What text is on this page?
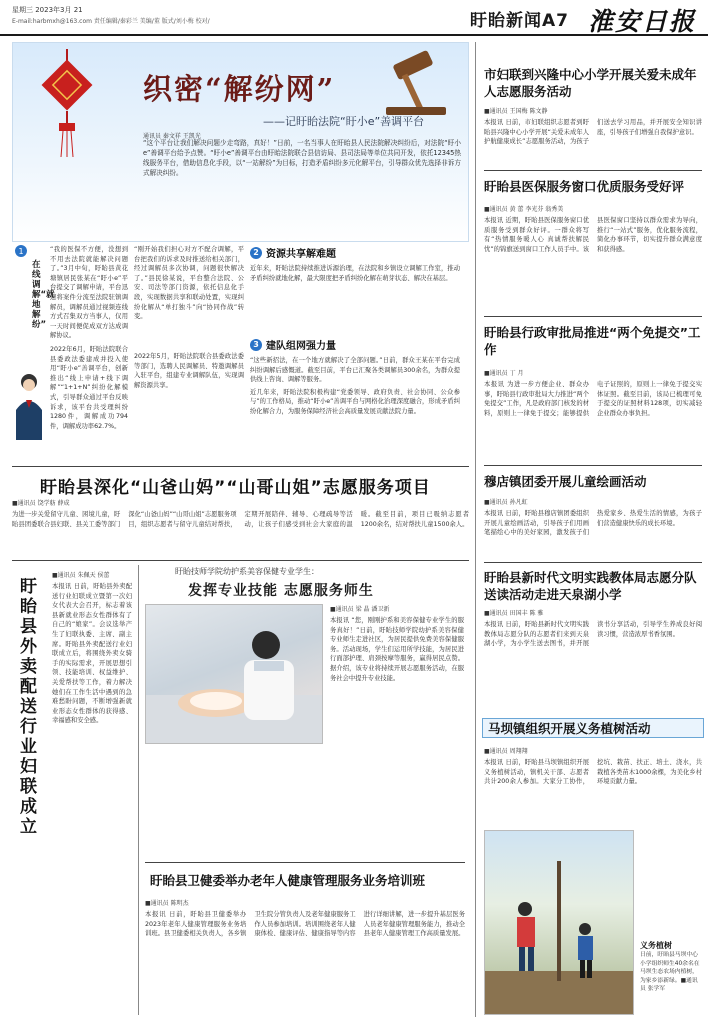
星期三 2023年3月 21
E-mail:harbmxh@163.com 责任编辑/秦彩兰 美编/董 版式/刘小梅 校对/	盱眙新闻A7 淮安日报
织密“解纷网”
——记盱眙法院“盱小e”善调平台
通讯员 秦文祥 王凯光
“这个平台让我们解决问题少走弯路，真好！”日前，一名当事人在盱眙县人民法院解决纠纷后，对法院“盱小e”善调平台给予点赞。“盱小e”善调平台由盱眙法院联合县信访局、县司法局等单位共同开发，依托12345热线服务平台，借助信息化手段，以“一站解纷”为目标，打造矛盾纠纷多元化解平台，引导群众优先选择非诉方式解决纠纷。
1
在线调解“就地解纷”

“我的医保不方便，没想到不用去法院就能解决问题了。”3月中旬，盱眙县黄花塘镇居民张某在“盱小e”平台提交了调解申请，平台迅速将案件分流至法院驻镇调解员，调解员通过视频连线方式召集双方当事人，仅用一天时间便促成双方达成调解协议。

2022年6月，盱眙法院联合县委政法委建成并投入使用“盱小e”善调平台，创新推出“线上申请+线下调解”“1+1+N”纠纷化解模式，引导群众通过平台反映诉求，该平台共受理纠纷1280件，调解成功794件，调解成功率62.7%。

“刚开始我们担心对方不配合调解，平台把我们的诉求及时推送给相关部门，经过调解员多次协调，问题很快解决了。”县民徐某说，平台整合法院、公安、司法等部门资源，依托信息化手段，实现数据共享和联动处置，实现纠纷化解从“单打独斗”向“协同作战”转变。

2 资源共享解难题
近年来，盱眙法院持续推进诉源治理，在法院和乡镇设立调解工作室，推动矛盾纠纷就地化解，最大限度把矛盾纠纷化解在萌芽状态、解决在基层。
2022年5月，盱眙法院联合县委政法委等部门，选聘人民调解员、特邀调解员入驻平台，组建专业调解队伍，实现调解资源共享。
3 建队组网强力量
“这些新招法，在一个地方就解决了全部问题。”日前，群众王某在平台完成纠纷调解后感慨道。截至目前，平台已汇聚各类调解员300余名，为群众提供线上咨询、调解等服务。
近几年来，盱眙法院积极构建“党委领导、政府负责、社会协同、公众参与”的工作格局，推动“盱小e”善调平台与网格化治理深度融合，形成矛盾纠纷化解合力，为服务保障经济社会高质量发展贡献法院力量。
盱眙县深化“山爸山妈”“山哥山姐”志愿服务项目
■通讯员 饶学舫 薛成
为进一步关爱留守儿童、困境儿童，盱眙县团委联合县妇联、县关工委等部门深化“山爸山妈”“山哥山姐”志愿服务项目，组织志愿者与留守儿童结对帮扶，定期开展陪伴、辅导、心理疏导等活动，让孩子们感受到社会大家庭的温暖。截至目前，项目已吸纳志愿者1200余名，结对帮扶儿童1500余人。
盱眙县外卖配送行业妇联成立
■通讯员 朱佩天 侯蕾
本报讯 日前，盱眙县外卖配送行业妇联成立暨第一次妇女代表大会召开，标志着该县新就业形态女性群体有了自己的“娘家”。会议选举产生了妇联执委、主席、副主席。盱眙县外卖配送行业妇联成立后，将围绕外卖女骑手的实际需求，开展思想引领、技能培训、权益维护、关爱帮扶等工作，着力解决她们在工作生活中遇到的急难愁盼问题，不断增强新就业形态女性群体的获得感、幸福感和安全感。
盱眙技师学院幼护系美容保健专业学生：
发挥专业技能 志愿服务师生
■通讯员 梁 晶 潘卫新
本报讯 “您，刚刚护系和美容保健专业学生的服务真好！”日前，盱眙技师学院幼护系美容保健专业师生走进社区，为居民提供免费美容保健服务。活动现场，学生们运用所学技能，为居民进行面部护理、肩颈按摩等服务，赢得居民点赞。据介绍，该专业将持续开展志愿服务活动，在服务社会中提升专业技能。
盱眙县卫健委举办老年人健康管理服务业务培训班
■通讯员 陈明杰
本报讯 日前，盱眙县卫健委举办2023年老年人健康管理服务业务培训班。县卫健委相关负责人，各乡镇卫生院分管负责人及老年健康服务工作人员参加培训。培训围绕老年人健康体检、健康评估、健康指导等内容进行详细讲解，进一步提升基层医务人员老年健康管理服务能力，推动全县老年人健康管理工作高质量发展。
市妇联到兴隆中心小学开展关爱未成年人志愿服务活动
■通讯员 王国梅 陈文静
本报讯 日前，市妇联组织志愿者到盱眙县兴隆中心小学开展“关爱未成年人 护航健康成长”志愿服务活动，为孩子们送去学习用品，并开展安全知识讲座，引导孩子们增强自我保护意识。
盱眙县医保服务窗口优质服务受好评
■通讯员 黄 蕾 李光芬 翁秀美
本报讯 近期，盱眙县医保服务窗口优质服务受到群众好评。一群众将写有“热情服务暖人心 真诚帮扶解民忧”的锦旗送到窗口工作人员手中。该县医保窗口坚持以群众需求为导向，推行“一站式”服务，优化服务流程，简化办事环节，切实提升群众满意度和获得感。
盱眙县行政审批局推进“两个免提交”工作
■通讯员 丁 月
本报讯 为进一步方便企业、群众办事，盱眙县行政审批局大力推进“两个免提交”工作，凡是政府部门核发的材料，原则上一律免于提交；能够提供电子证照的，原则上一律免于提交实体证照。截至目前，该局已梳理可免于提交的证照材料128项，切实减轻企业群众办事负担。
穆店镇团委开展儿童绘画活动
■通讯员 孙凡虹
本报讯 日前，盱眙县穆店镇团委组织开展儿童绘画活动，引导孩子们用画笔描绘心中的美好家园，激发孩子们热爱家乡、热爱生活的情感，为孩子们营造健康快乐的成长环境。
盱眙县新时代文明实践教体局志愿分队送读活动走进天泉湖小学
■通讯员 田国丰 陈 雅
本报讯 日前，盱眙县新时代文明实践教体局志愿分队的志愿者们来到天泉湖小学，为小学生送去图书，并开展读书分享活动，引导学生养成良好阅读习惯，营造浓厚书香氛围。
马坝镇组织开展义务植树活动
■通讯员 周翔翔
本报讯 日前，盱眙县马坝镇组织开展义务植树活动，镇机关干部、志愿者共计200余人参加。大家分工协作，挖坑、栽苗、扶正、培土、浇水，共栽植各类苗木1000余棵，为美化乡村环境贡献力量。
义务植树
日前，盱眙县马坝中心小学组织师生40余名在马坝生态农场内植树，为家乡添新绿。■通讯员 张学军
